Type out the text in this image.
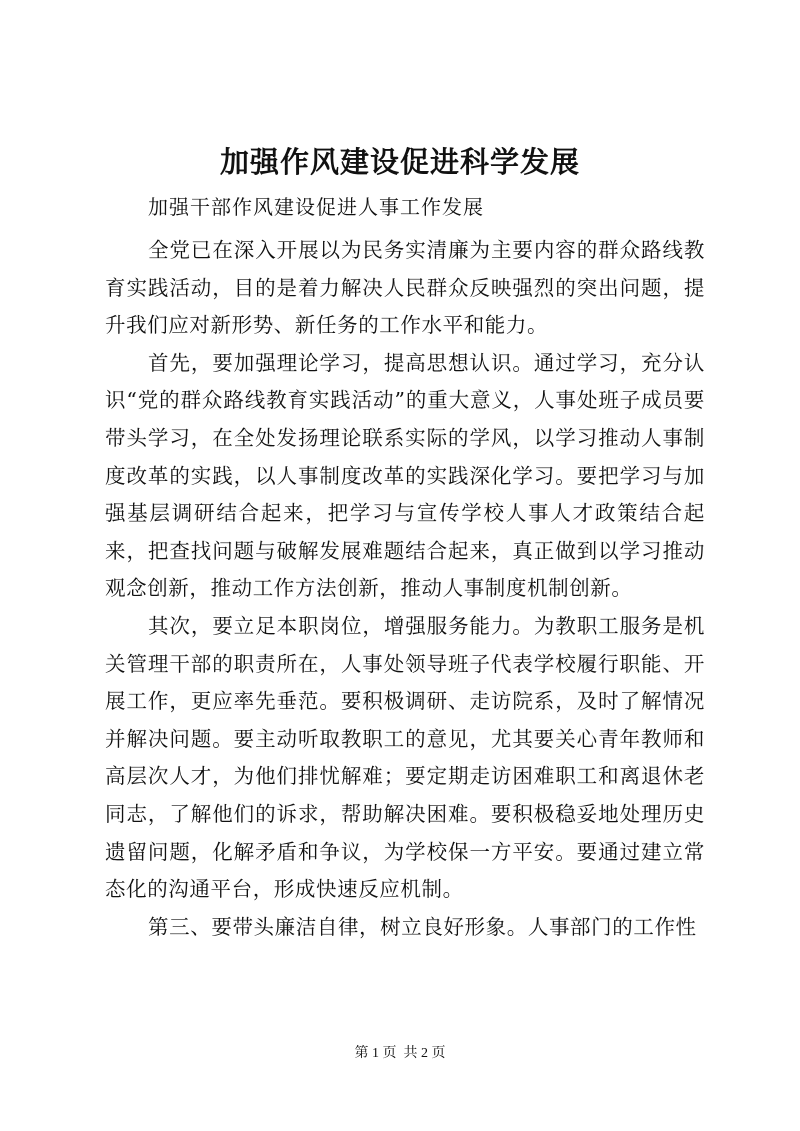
加强作风建设促进科学发展
加强干部作风建设促进人事工作发展

全党已在深入开展以为民务实清廉为主要内容的群众路线教育实践活动，目的是着力解决人民群众反映强烈的突出问题，提升我们应对新形势、新任务的工作水平和能力。

首先，要加强理论学习，提高思想认识。通过学习，充分认识“党的群众路线教育实践活动”的重大意义，人事处班子成员要带头学习，在全处发扬理论联系实际的学风，以学习推动人事制度改革的实践，以人事制度改革的实践深化学习。要把学习与加强基层调研结合起来，把学习与宣传学校人事人才政策结合起来，把查找问题与破解发展难题结合起来，真正做到以学习推动观念创新，推动工作方法创新，推动人事制度机制创新。

其次，要立足本职岗位，增强服务能力。为教职工服务是机关管理干部的职责所在，人事处领导班子代表学校履行职能、开展工作，更应率先垂范。要积极调研、走访院系，及时了解情况并解决问题。要主动听取教职工的意见，尤其要关心青年教师和高层次人才，为他们排忧解难；要定期走访困难职工和离退休老同志，了解他们的诉求，帮助解决困难。要积极稳妥地处理历史遗留问题，化解矛盾和争议，为学校保一方平安。要通过建立常态化的沟通平台，形成快速反应机制。

第三、要带头廉洁自律，树立良好形象。人事部门的工作性

第 1 页  共 2 页
